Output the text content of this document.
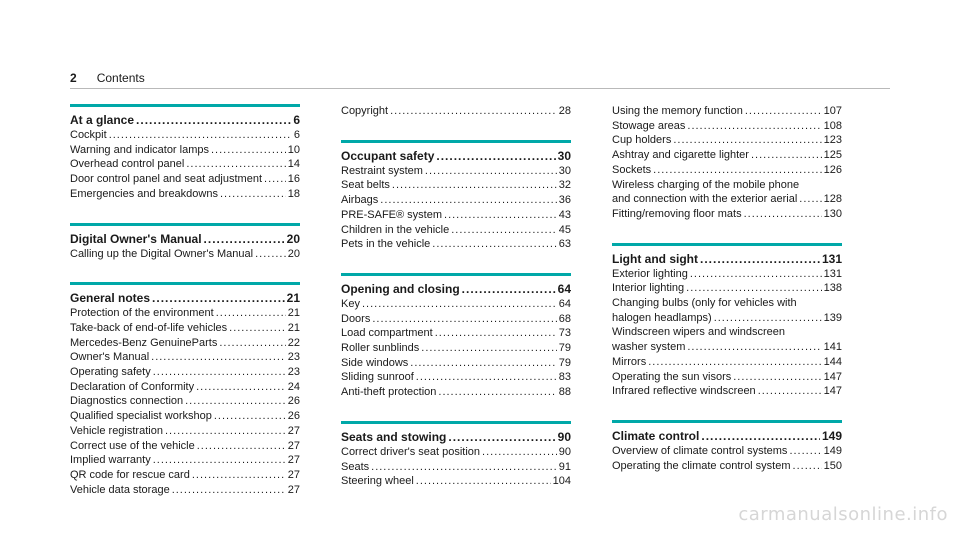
2 Contents
At a glance .....	6
Cockpit .....	6
Warning and indicator lamps .....	10
Overhead control panel .....	14
Door control panel and seat adjustment ..... 16
Emergencies and breakdowns .....	18
Digital Owner's Manual .....	20
Calling up the Digital Owner's Manual .....	20
General notes .....	21
Protection of the environment .....	21
Take-back of end-of-life vehicles .....	21
Mercedes-Benz GenuineParts .....	22
Owner's Manual .....	23
Operating safety .....	23
Declaration of Conformity .....	24
Diagnostics connection .....	26
Qualified specialist workshop .....	26
Vehicle registration .....	27
Correct use of the vehicle .....	27
Implied warranty .....	27
QR code for rescue card .....	27
Vehicle data storage .....	27
Copyright .....	28
Occupant safety .....	30
Restraint system .....	30
Seat belts .....	32
Airbags .....	36
PRE-SAFE® system .....	43
Children in the vehicle .....	45
Pets in the vehicle .....	63
Opening and closing .....	64
Key .....	64
Doors .....	68
Load compartment .....	73
Roller sunblinds .....	79
Side windows .....	79
Sliding sunroof .....	83
Anti-theft protection .....	88
Seats and stowing .....	90
Correct driver's seat position .....	90
Seats .....	91
Steering wheel .....	104
Using the memory function .....	107
Stowage areas .....	108
Cup holders .....	123
Ashtray and cigarette lighter .....	125
Sockets .....	126
Wireless charging of the mobile phone
and connection with the exterior aerial ..... 128
Fitting/removing floor mats .....	130
Light and sight .....	131
Exterior lighting .....	131
Interior lighting .....	138
Changing bulbs (only for vehicles with
halogen headlamps) .....	139
Windscreen wipers and windscreen
washer system .....	141
Mirrors .....	144
Operating the sun visors .....	147
Infrared reflective windscreen .....	147
Climate control .....	149
Overview of climate control systems .....	149
Operating the climate control system .....	150
carmanualsonline.info
